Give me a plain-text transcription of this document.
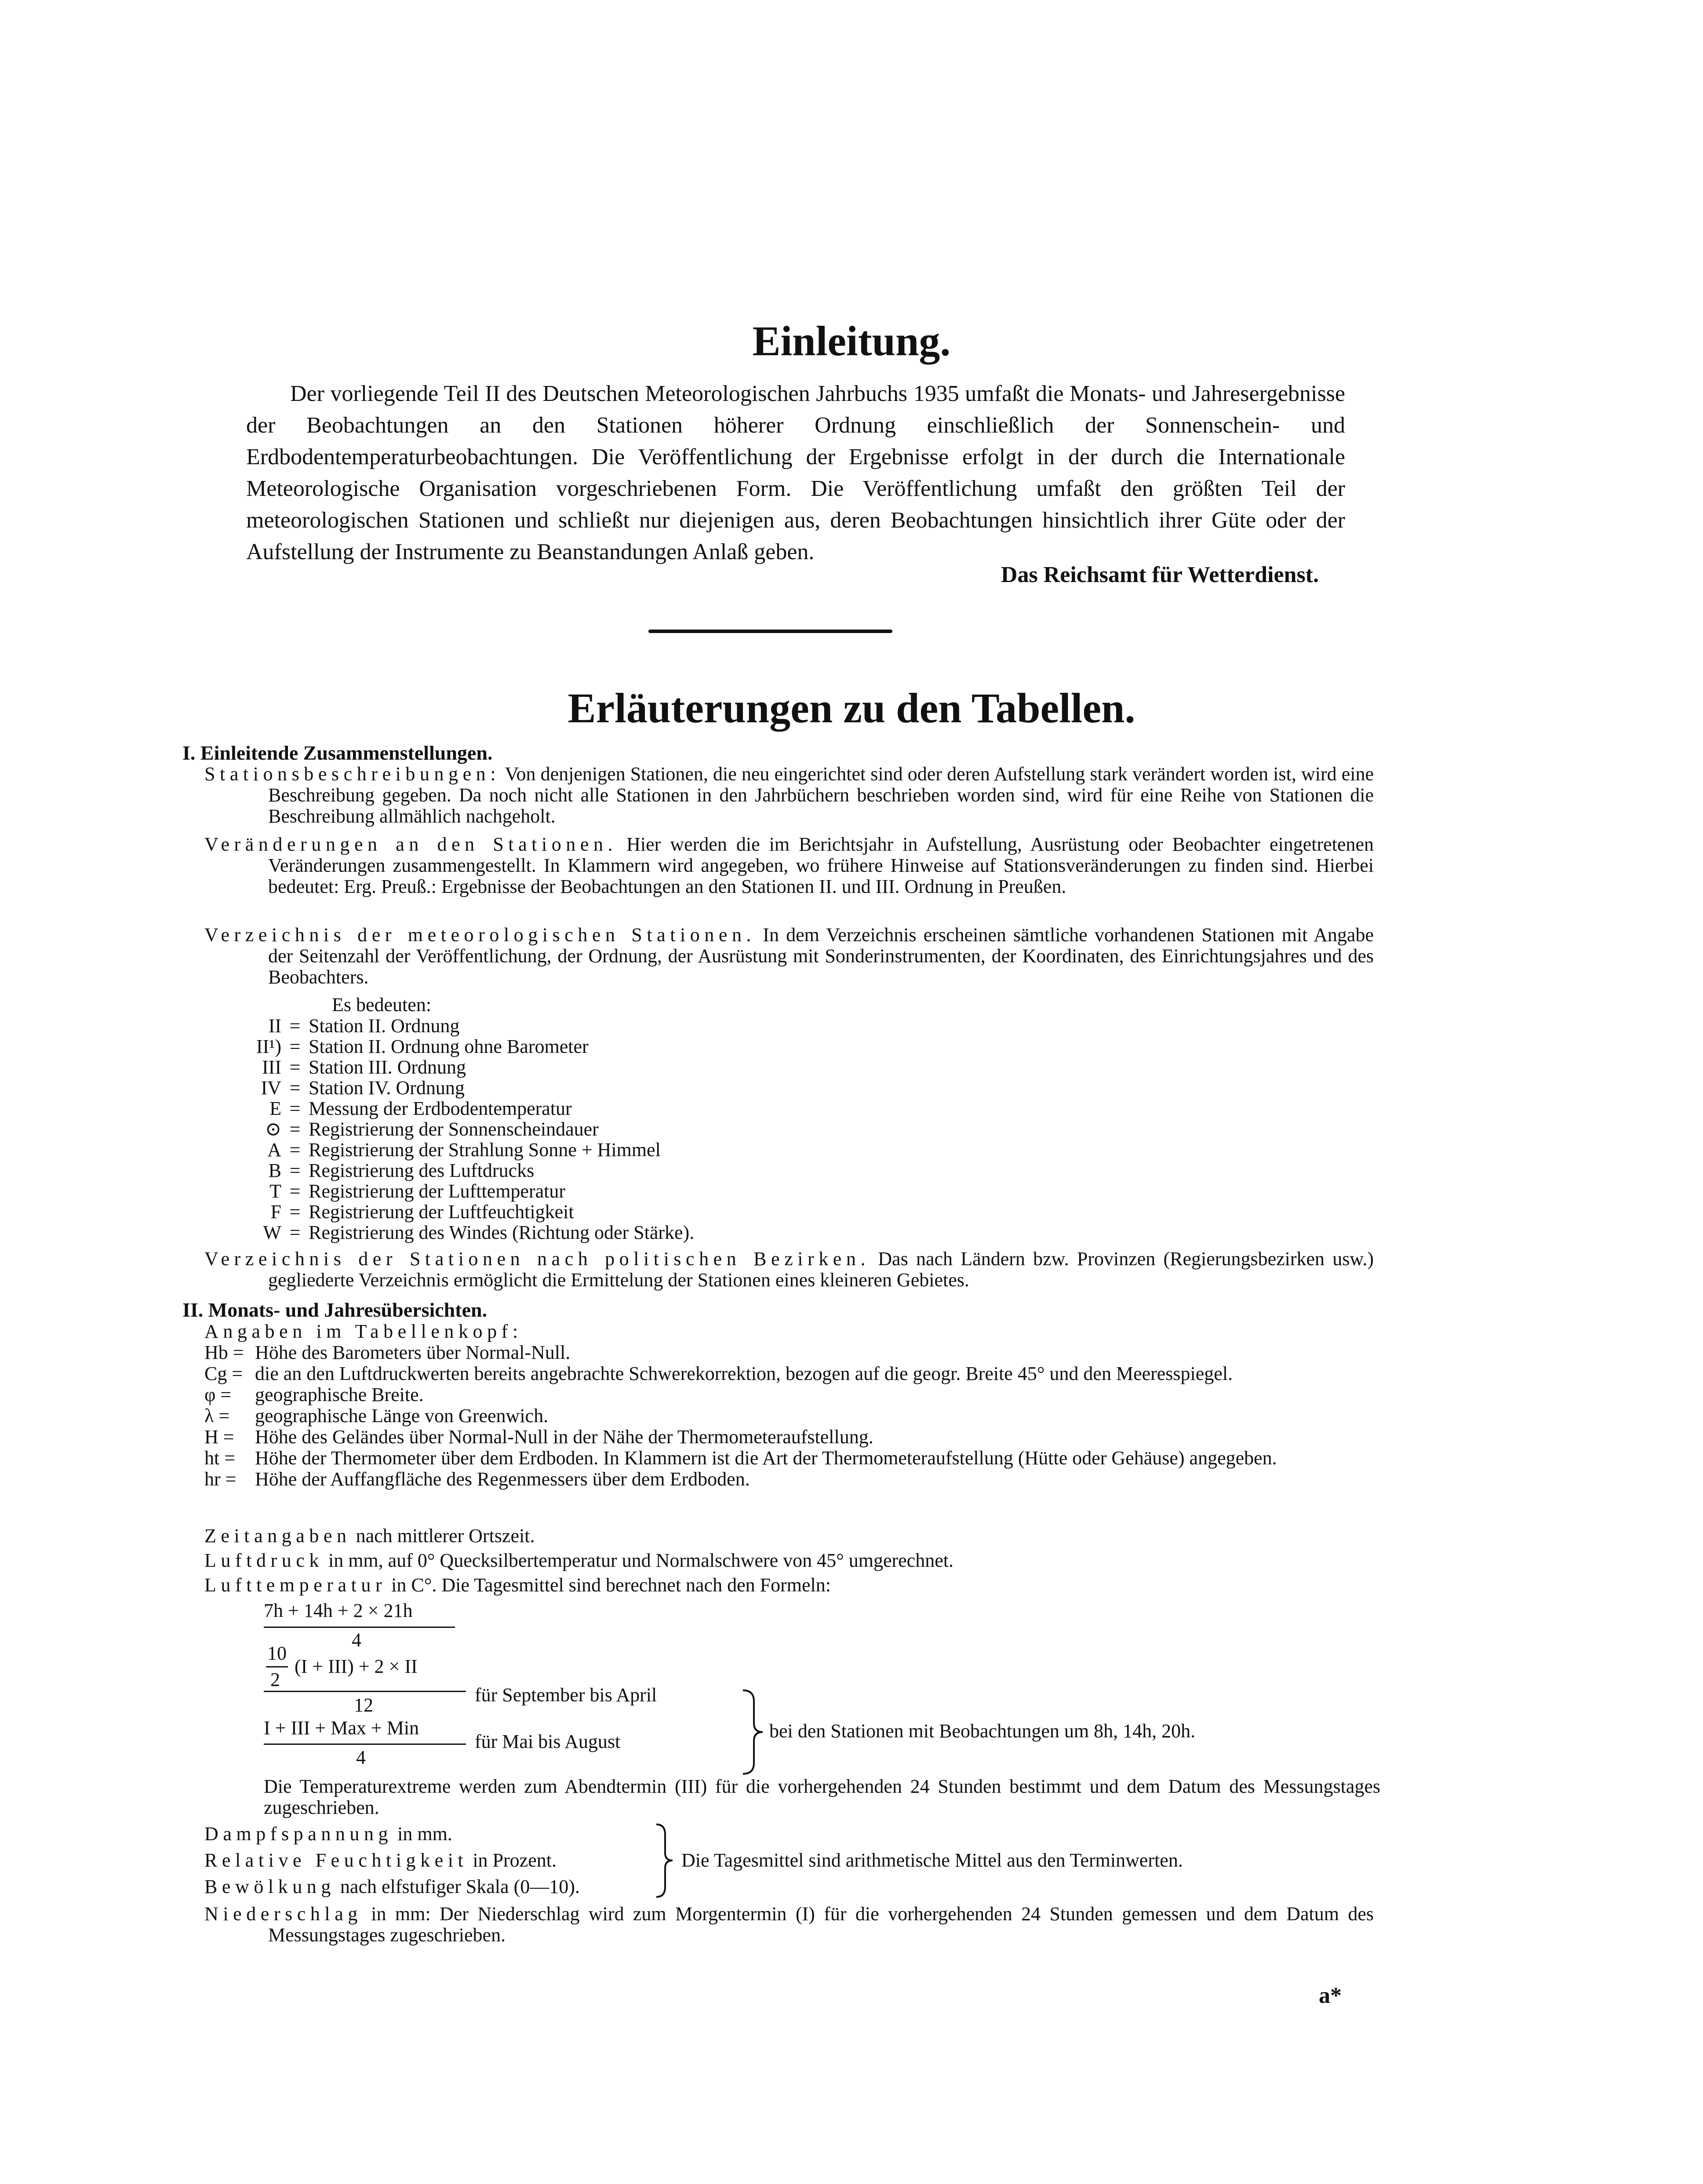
Einleitung.
Der vorliegende Teil II des Deutschen Meteorologischen Jahrbuchs 1935 umfaßt die Monats- und Jahresergebnisse der Beobachtungen an den Stationen höherer Ordnung einschließlich der Sonnenschein- und Erdbodentemperaturbeobachtungen. Die Veröffentlichung der Ergebnisse erfolgt in der durch die Internationale Meteorologische Organisation vorgeschriebenen Form. Die Veröffentlichung umfaßt den größten Teil der meteorologischen Stationen und schließt nur diejenigen aus, deren Beobachtungen hinsichtlich ihrer Güte oder der Aufstellung der Instrumente zu Beanstandungen Anlaß geben.
Das Reichsamt für Wetterdienst.
Erläuterungen zu den Tabellen.
I. Einleitende Zusammenstellungen.
Stationsbeschreibungen: Von denjenigen Stationen, die neu eingerichtet sind oder deren Aufstellung stark verändert worden ist, wird eine Beschreibung gegeben. Da noch nicht alle Stationen in den Jahrbüchern beschrieben worden sind, wird für eine Reihe von Stationen die Beschreibung allmählich nachgeholt.
Veränderungen an den Stationen. Hier werden die im Berichtsjahr in Aufstellung, Ausrüstung oder Beobachter eingetretenen Veränderungen zusammengestellt. In Klammern wird angegeben, wo frühere Hinweise auf Stationsveränderungen zu finden sind. Hierbei bedeutet: Erg. Preuß.: Ergebnisse der Beobachtungen an den Stationen II. und III. Ordnung in Preußen.
Verzeichnis der meteorologischen Stationen. In dem Verzeichnis erscheinen sämtliche vorhandenen Stationen mit Angabe der Seitenzahl der Veröffentlichung, der Ordnung, der Ausrüstung mit Sonderinstrumenten, der Koordinaten, des Einrichtungsjahres und des Beobachters.
Es bedeuten:
II = Station II. Ordnung
II¹) = Station II. Ordnung ohne Barometer
III = Station III. Ordnung
IV = Station IV. Ordnung
E = Messung der Erdbodentemperatur
⊙ = Registrierung der Sonnenscheindauer
A = Registrierung der Strahlung Sonne + Himmel
B = Registrierung des Luftdrucks
T = Registrierung der Lufttemperatur
F = Registrierung der Luftfeuchtigkeit
W = Registrierung des Windes (Richtung oder Stärke).
Verzeichnis der Stationen nach politischen Bezirken. Das nach Ländern bzw. Provinzen (Regierungsbezirken usw.) gegliederte Verzeichnis ermöglicht die Ermittelung der Stationen eines kleineren Gebietes.
II. Monats- und Jahresübersichten.
Angaben im Tabellenkopf:
Hb = Höhe des Barometers über Normal-Null.
Cg = die an den Luftdruckwerten bereits angebrachte Schwerekorrektion, bezogen auf die geogr. Breite 45° und den Meeresspiegel.
φ = geographische Breite.
λ = geographische Länge von Greenwich.
H = Höhe des Geländes über Normal-Null in der Nähe der Thermometeraufstellung.
ht =	Höhe der Thermometer über dem Erdboden. In Klammern ist die Art der Thermometeraufstellung (Hütte oder Gehäuse) angegeben.
hr = Höhe der Auffangfläche des Regenmessers über dem Erdboden.
Zeitangaben nach mittlerer Ortszeit.
Luftdruck in mm, auf 0° Quecksilbertemperatur und Normalschwere von 45° umgerechnet.
Lufttemperatur in C°. Die Tagesmittel sind berechnet nach den Formeln:
7h + 14h + 2 × 21h
4
10
2
(I + III) + 2 × II
12	für September bis April
I + III + Max + Min
4
für Mai bis August	bei den Stationen mit Beobachtungen um 8h, 14h, 20h.
Die Temperaturextreme werden zum Abendtermin (III) für die vorhergehenden 24 Stunden bestimmt und dem Datum des Messungstages zugeschrieben.
Dampfspannung in mm.
Relative Feuchtigkeit in Prozent.
Bewölkung nach elfstufiger Skala (0—10).
Die Tagesmittel sind arithmetische Mittel aus den Terminwerten.
Niederschlag in mm: Der Niederschlag wird zum Morgentermin (I) für die vorhergehenden 24 Stunden gemessen und dem Datum des Messungstages zugeschrieben.
a*
